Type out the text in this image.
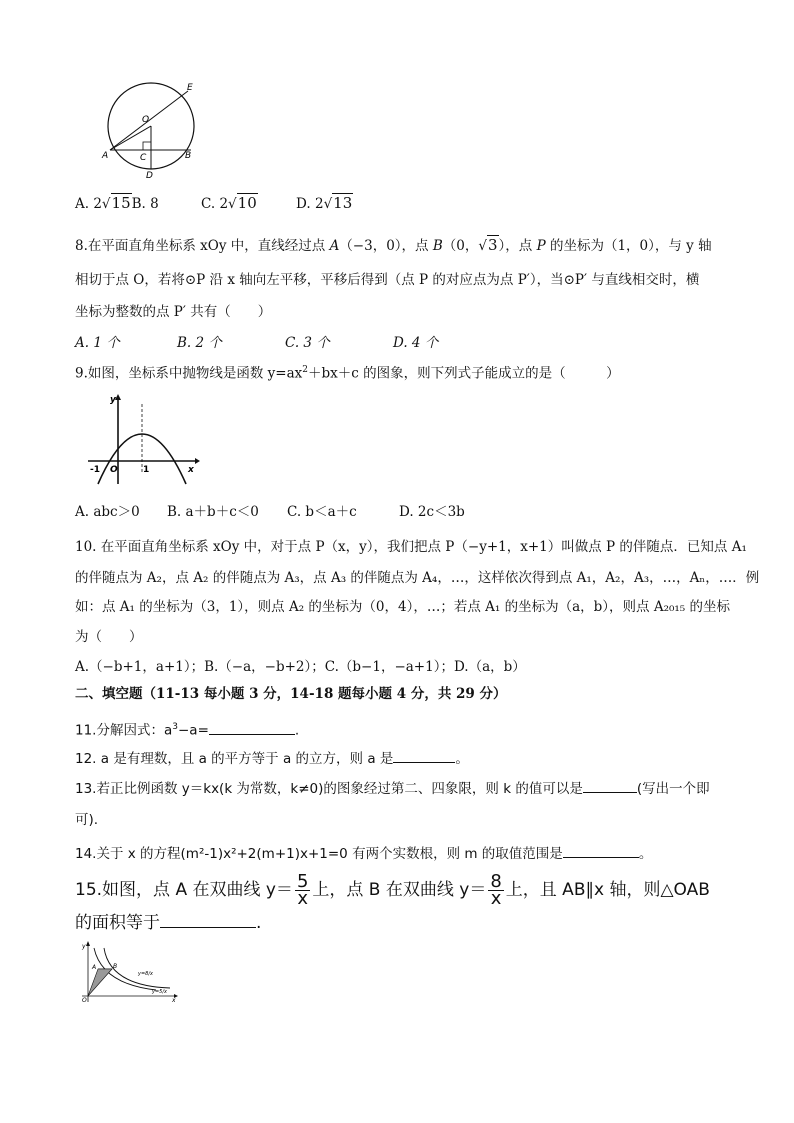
E
O
A	C	B
D
A. 2√15B. 8	C. 2√10	D. 2√13
8.在平面直角坐标系 xOy 中，直线经过点 A（−3，0），点 B（0，√3），点 P 的坐标为（1，0），与 y 轴
相切于点 O，若将⊙P 沿 x 轴向左平移，平移后得到（点 P 的对应点为点 P′），当⊙P′ 与直线相交时，横
坐标为整数的点 P′ 共有（　　）
A. 1 个	B. 2 个	C. 3 个	D. 4 个
9.如图，坐标系中抛物线是函数 $y=ax^2+bx+c$ 的图象，则下列式子能成立的是（　　　）
y
x
O
-1	1
A. abc＞0 B. a＋b＋c＜0 C. b＜a＋c	D. 2c＜3b
10. 在平面直角坐标系 xOy 中，对于点 P（x，y），我们把点 P（−y+1，x+1）叫做点 P 的伴随点．已知点 A₁
的伴随点为 A₂，点 A₂ 的伴随点为 A₃，点 A₃ 的伴随点为 A₄，…，这样依次得到点 A₁，A₂，A₃，…，Aₙ，…．例
如：点 A₁ 的坐标为（3，1），则点 A₂ 的坐标为（0，4），…；若点 A₁ 的坐标为（a，b），则点 A₂₀₁₅ 的坐标
为（　　）
A.（−b+1，a+1）；B.（−a，−b+2）；C.（b−1，−a+1）；D.（a，b）
二、填空题（11-13 每小题 3 分，14-18 题每小题 4 分，共 29 分）
11.分解因式：$a^3-a=$	.
12. a 是有理数，且 a 的平方等于 a 的立方，则 a 是	。
13.若正比例函数 y＝kx(k 为常数，k≠0)的图象经过第二、四象限，则 k 的值可以是	(写出一个即
可).
14.关于 x 的方程(m²-1)x²+2(m+1)x+1=0 有两个实数根，则 m 的取值范围是	。
15.如图，点 A 在双曲线 $y= \frac{5}{x}$ 上，点 B 在双曲线 $y= \frac{8}{x}$ 上，且 AB∥x 轴，则△OAB
的面积等于	.
y
x
O
A	B
y=8/x
y=5/x
